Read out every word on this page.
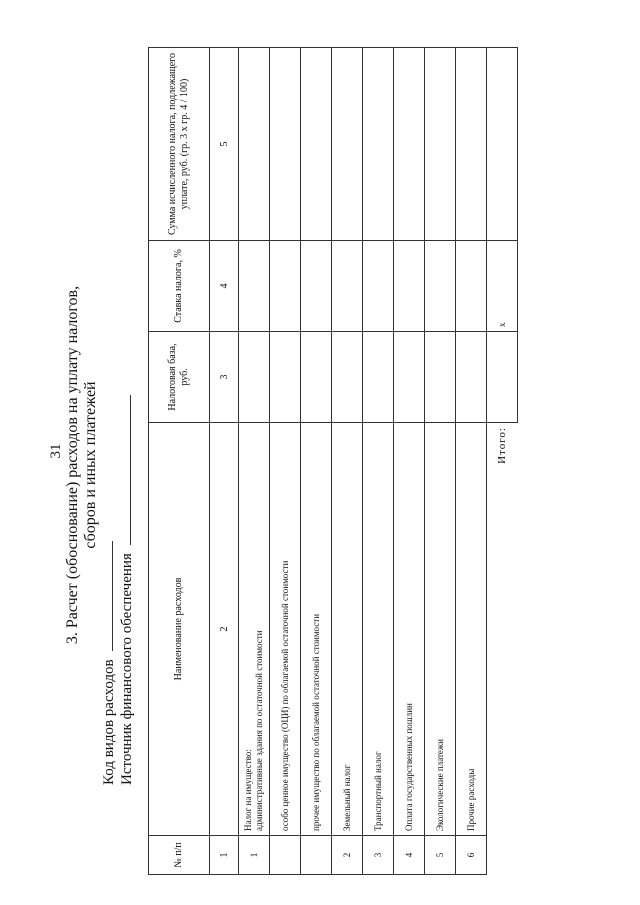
31 3. Расчет (обоснование) расходов на уплату налогов, сборов и иных платежей
Код видов расходов Источник финансового обеспечения
№ п/п	Наименование расходов	Налоговая база, руб.	Ставка налога, %	Сумма исчисленного налога, подлежащего уплате, руб. (гр. 3 х гр. 4 / 100)
1	2	3	4	5
1	Налог на имущество: административные здания по остаточной стоимости			

	особо ценное имущество (ОЦИ) по облагаемой остаточной стоимости			
	прочее имущество по облагаемой остаточной стоимости			
2	Земельный налог			
3	Транспортный налог			
4	Оплата государственных пошлин			
5	Экологические платежи			
6	Прочие расходы			
	Итого:		х	
